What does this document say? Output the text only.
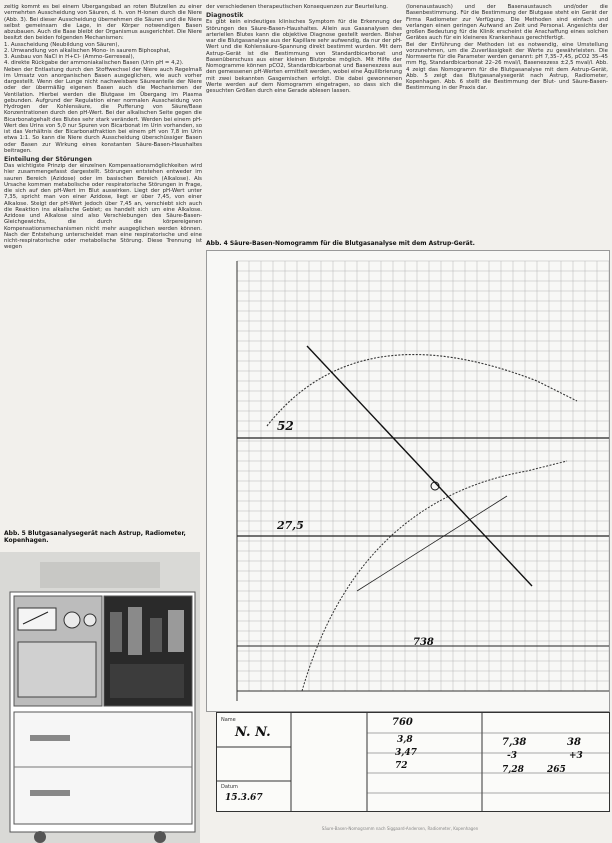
zeitig kommt es bei einem Übergangsbad an roten Blutzellen zu einer vermehrten Ausscheidung von Säuren, d. h. von H-Ionen durch die Niere (Abb. 3). Bei dieser Ausscheidung übernehmen die Säuren und die Niere selbst gemeinsam die Lage, in der Körper notwendigen Basen abzubauen. Auch die Base bleibt der Organismus ausgerichtet. Die Niere besitzt den beiden folgenden Mechanismen:

1. Ausscheidung (Neubildung von Säuren),

2. Umwandlung von alkalischen Mono- in saurem Biphosphat,

3. Ausbau von NaCl in H+Cl- (Ammo-Gerreseal),

4. direkte Rückgabe der ammoniakalischen Basen (Urin pH = 4,2).

Neben der Entlastung durch den Stoffwechsel der Niere auch Regelmaß im Umsatz von anorganischen Basen ausgeglichen, wie auch vorher dargestellt. Wenn der Lunge nicht nachweisbare Säureanteile der Niere oder der übermäßig eigenen Basen auch die Mechanismen der Ventilation. Hierbei werden die Blutgase im Übergang im Plasma gebunden. Aufgrund der Regulation einer normalen Ausscheidung von Hydrogen der Kohlensäure, die Pufferung von Säure/Base Konzentrationen durch den pH-Wert. Bei der alkalischen Seite gegen die Bicarbonatgehalt des Blutes sehr stark verändert. Werden bei einem pH-Wert des Urins von 5,0 nur Spuren von Bicarbonat im Urin vorhanden, so ist das Verhältnis der Bicarbonatfraktion bei einem pH von 7,8 im Urin etwa 1:1. So kann die Niere durch Ausscheidung überschüssiger Basen oder Basen zur Wirkung eines konstanten Säure-Basen-Haushaltes beitragen.

Einteilung der Störungen

Das wichtigste Prinzip der einzelnen Kompensationsmöglichkeiten wird hier zusammengefasst dargestellt. Störungen entstehen entweder im sauren Bereich (Azidose) oder im basischen Bereich (Alkalose). Als Ursache kommen metabolische oder respiratorische Störungen in Frage, die sich auf den pH-Wert im Blut auswirken. Liegt der pH-Wert unter 7,35, spricht man von einer Azidose, liegt er über 7,45, von einer Alkalose. Steigt der pH-Wert jedoch über 7,45 an, verschiebt sich auch die Reaktion ins alkalische Gebiet; es handelt sich um eine Alkalose. Azidose und Alkalose sind also Verschiebungen des Säure-Basen-Gleichgewichts, die durch die körpereigenen Kompensationsmechanismen nicht mehr ausgeglichen werden können. Nach der Entstehung unterscheidet man eine respiratorische und eine nicht-respiratorische oder metabolische Störung. Diese Trennung ist wegen

Abb. 5 Blutgasanalysegerät nach Astrup, Radiometer, Kopenhagen.

der verschiedenen therapeutischen Konsequenzen zur Beurteilung.

Diagnostik

Es gibt kein eindeutiges klinisches Symptom für die Erkennung der Störungen des Säure-Basen-Haushaltes. Allein aus Gasanalysen des arteriellen Blutes kann die objektive Diagnose gestellt werden. Bisher war die Blutgasanalyse aus der Kapillare sehr aufwendig, da nur der pH-Wert und die Kohlensäure-Spannung direkt bestimmt wurden. Mit dem Astrup-Gerät ist die Bestimmung von Standardbicarbonat und Basenüberschuss aus einer kleinen Blutprobe möglich. Mit Hilfe der Nomogramme können pCO2, Standardbicarbonat und Basenexzess aus den gemessenen pH-Werten ermittelt werden, wobei eine Äquilibrierung mit zwei bekannten Gasgemischen erfolgt. Die dabei gewonnenen Werte werden auf dem Nomogramm eingetragen, so dass sich die gesuchten Größen durch eine Gerade ablesen lassen.

(Ionenaustausch) und der Basenaustausch und/oder die Basenbestimmung. Für die Bestimmung der Blutgase steht ein Gerät der Firma Radiometer zur Verfügung. Die Methoden sind einfach und verlangen einen geringen Aufwand an Zeit und Personal. Angesichts der großen Bedeutung für die Klinik erscheint die Anschaffung eines solchen Gerätes auch für ein kleineres Krankenhaus gerechtfertigt.

Bei der Einführung der Methoden ist es notwendig, eine Umstellung vorzunehmen, um die Zuverlässigkeit der Werte zu gewährleisten. Die Normwerte für die Parameter werden genannt: pH 7,35–7,45, pCO2 35–45 mm Hg, Standardbicarbonat 22–26 mval/l, Basenexzess ±2,5 mval/l. Abb. 4 zeigt das Nomogramm für die Blutgasanalyse mit dem Astrup-Gerät, Abb. 5 zeigt das Blutgasanalysegerät nach Astrup, Radiometer, Kopenhagen. Abb. 6 stellt die Bestimmung der Blut- und Säure-Basen-Bestimmung in der Praxis dar.

Abb. 4 Säure-Basen-Nomogramm für die Blutgasanalyse mit dem Astrup-Gerät.
52
27,5
738
Name
N. N.
Datum
15.3.67
760
3,8
3,47
72
7,38
-3
38
+3
7,28	265
Säure-Basen-Nomogramm nach Siggaard-Andersen, Radiometer, Kopenhagen
